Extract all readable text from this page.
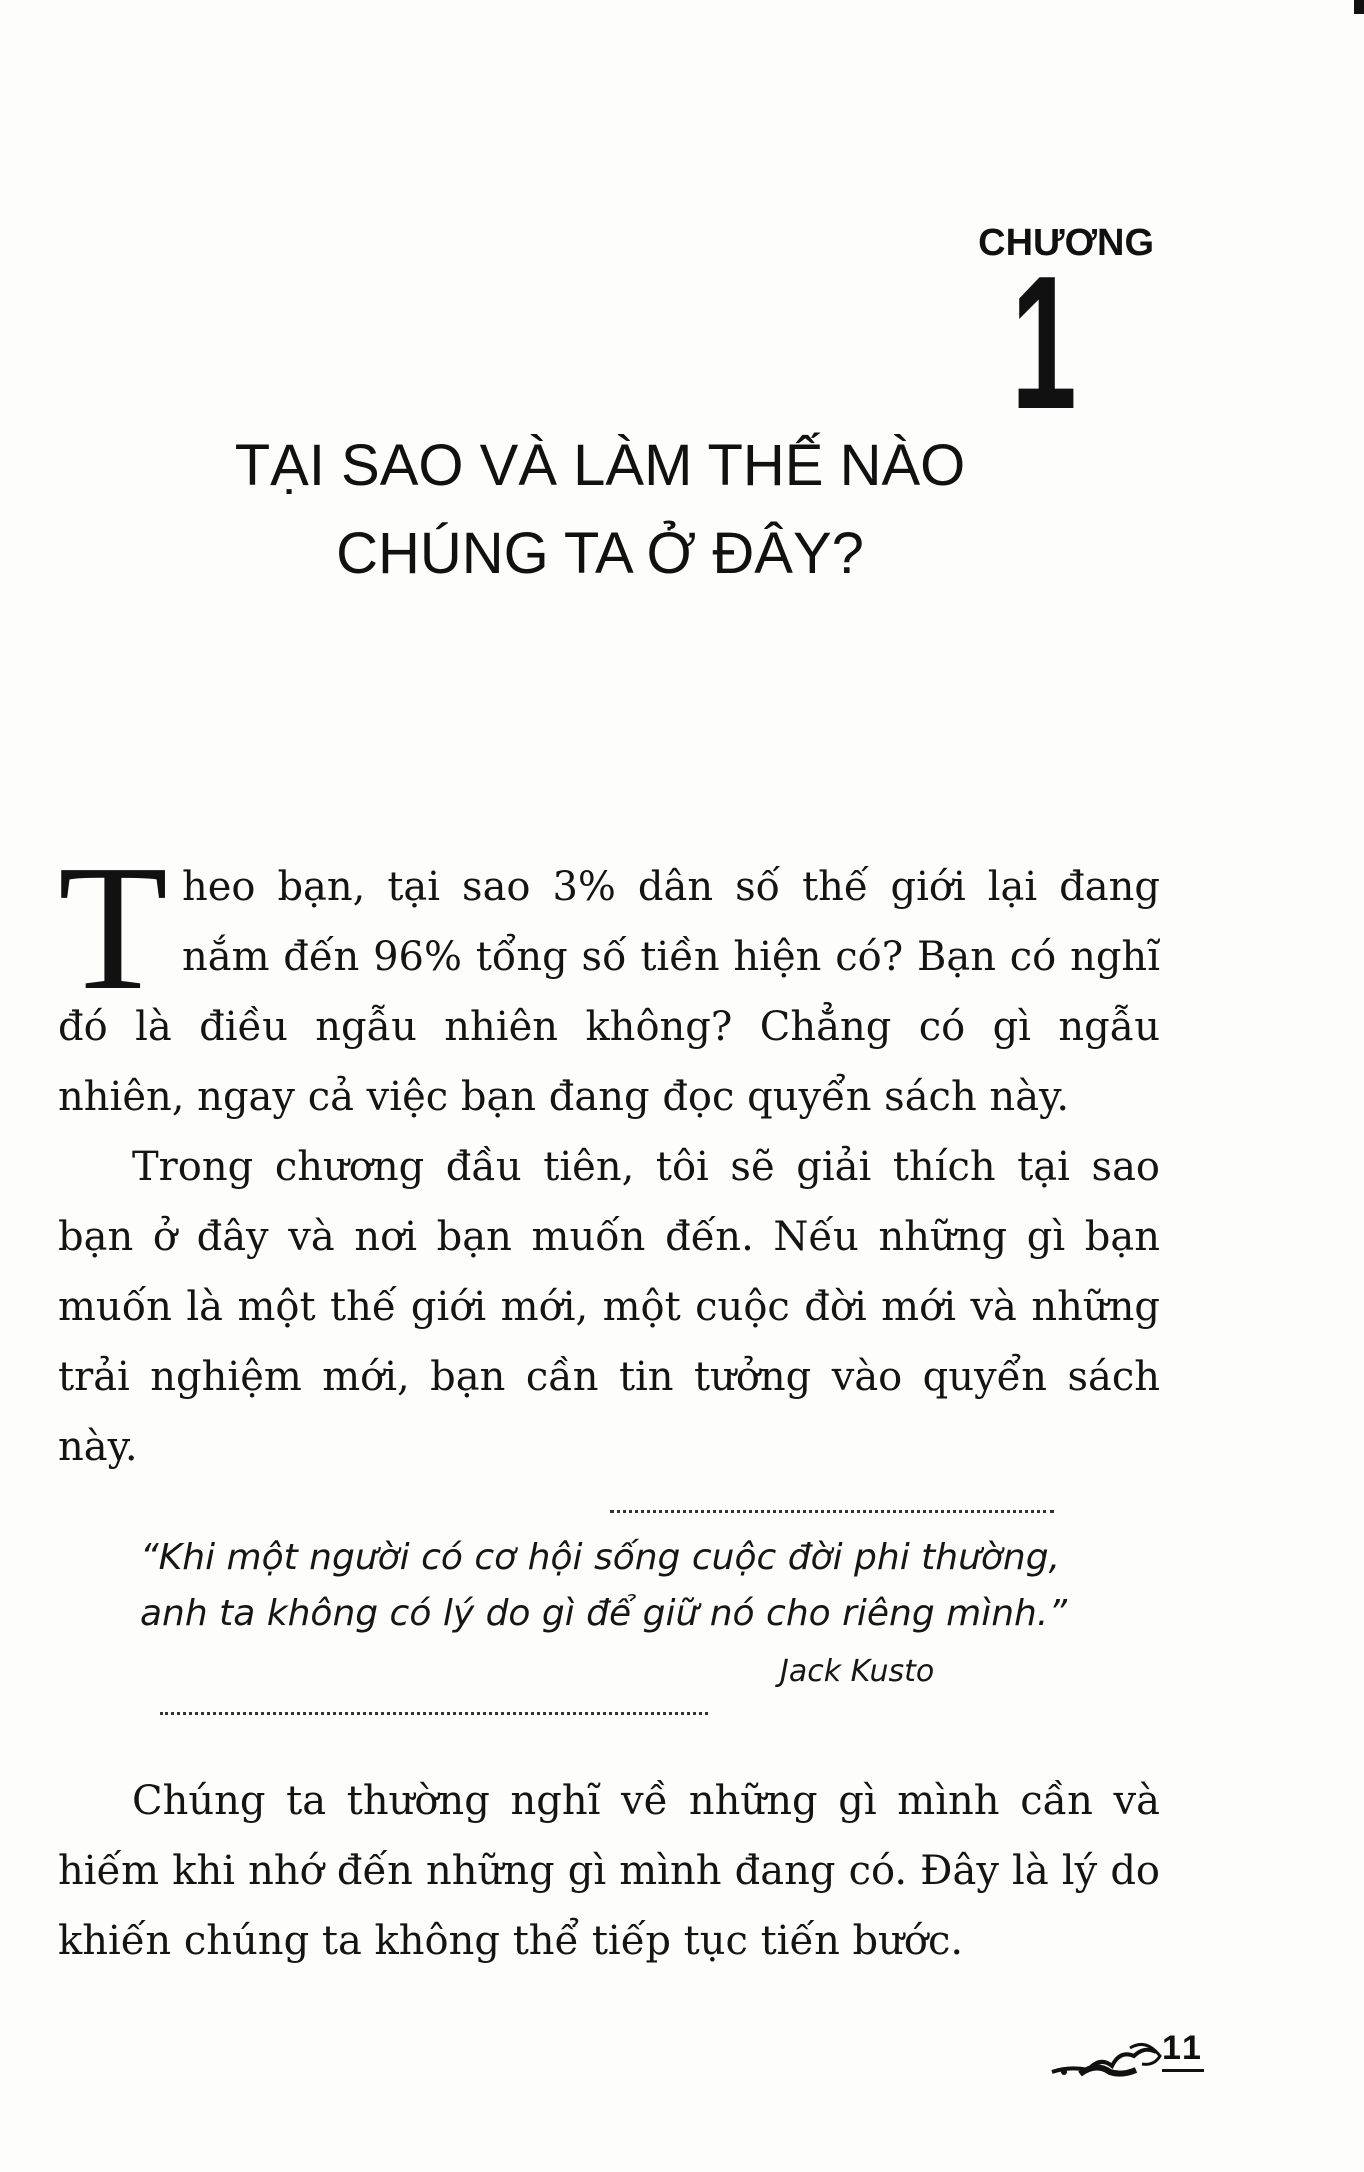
CHƯƠNG
1
TẠI SAO VÀ LÀM THẾ NÀO
CHÚNG TA Ở ĐÂY?
T heo bạn, tại sao 3% dân số thế giới lại đang nắm đến 96% tổng số tiền hiện có? Bạn có nghĩ đó là điều ngẫu nhiên không? Chẳng có gì ngẫu nhiên, ngay cả việc bạn đang đọc quyển sách này.

Trong chương đầu tiên, tôi sẽ giải thích tại sao bạn ở đây và nơi bạn muốn đến. Nếu những gì bạn muốn là một thế giới mới, một cuộc đời mới và những trải nghiệm mới, bạn cần tin tưởng vào quyển sách này.

“Khi một người có cơ hội sống cuộc đời phi thường,
anh ta không có lý do gì để giữ nó cho riêng mình.”
Jack Kusto

Chúng ta thường nghĩ về những gì mình cần và hiếm khi nhớ đến những gì mình đang có. Đây là lý do khiến chúng ta không thể tiếp tục tiến bước.

11
